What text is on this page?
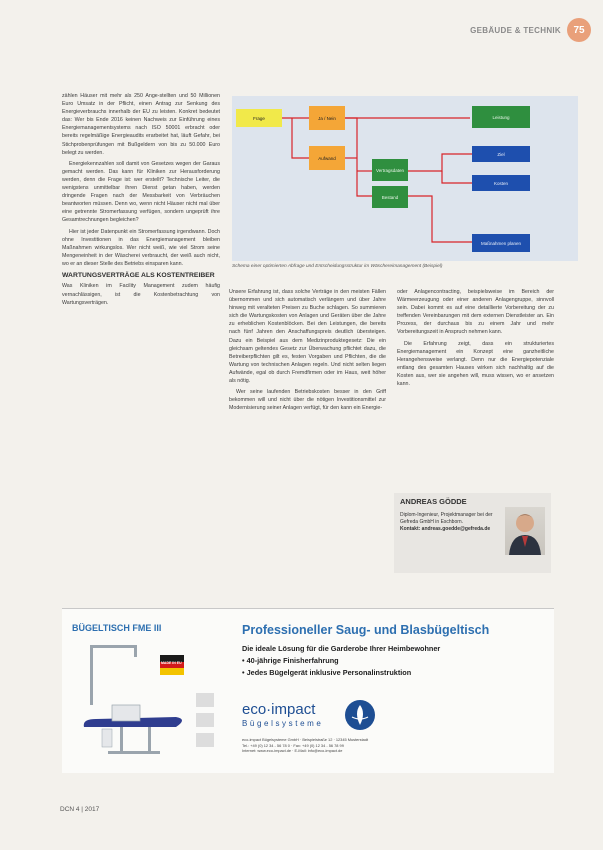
GEBÄUDE & TECHNIK	75

zählen Häuser mit mehr als 250 Ange-stellten und 50 Millionen Euro Umsatz in der Pflicht, einen Antrag zur Senkung des Energieverbrauchs innerhalb der EU zu leisten. Konkret bedeutet das: Wer bis Ende 2016 keinen Nachweis zur Einführung eines Energiemanagementsystems nach ISO 50001 erbracht oder bereits regelmäßige Energieaudits erarbeitet hat, läuft Gefahr, bei Stichprobenprüfungen mit Bußgeldern von bis zu 50.000 Euro belegt zu werden.

Energiekennzahlen soll damit von Gesetzes wegen der Garaus gemacht werden. Das kann für Kliniken zur Herausforderung werden, denn die Frage ist: wer erstellt? Technische Leiter, die wenigstens unmittelbar ihren Dienst getan haben, werden dringende Fragen nach der Messbarkeit von Verbräuchen beantworten müssen. Denn wo, wenn nicht Häuser nicht mal über eine getrennte Stromerfassung verfügen, sondern ungeprüft ihre Gesamtrechnungen begleichen?

Hier ist jeder Datenpunkt ein Stromerfassung irgendwann. Doch ohne Investitionen in das Energiemanagement bleiben Maßnahmen wirkungslos. Wer nicht weiß, wie viel Strom seine Mengeneinheit in der Wäscherei verbraucht, der weiß auch nicht, wo er an dieser Stelle des Betriebs einsparen kann.

WARTUNGSVERTRÄGE ALS KOSTENTREIBER

Was Kliniken im Facility Management zudem häufig vernachlässigen, ist die Kostenbetrachtung von Wartungsverträgen.

Frage	Ja / Nein
Aufwand
Vertragsdaten
Bestand
Leistung
Ziel
Kosten
Maßnahmen planen
Schema einer optimierten Abfrage und Entscheidungsstruktur im Wäschereimanagement (Beispiel)

Unsere Erfahrung ist, dass solche Verträge in den meisten Fällen übernommen und sich automatisch verlängern und über Jahre hinweg mit veralteten Preisen zu Buche schlagen. So summieren sich die Wartungskosten von Anlagen und Geräten über die Jahre zu erheblichen Kostenblöcken. Bei den Leistungen, die bereits nach fünf Jahren den Anschaffungspreis deutlich übersteigen. Dazu ein Beispiel aus dem Medizinproduktegesetz: Die ein gleichsam geltendes Gesetz zur Überwachung pflichtet dazu, die Betreiberpflichten gilt es, festen Vorgaben und Pflichten, die die Wartung von technischen Anlagen regeln. Und nicht selten liegen Aufwände, egal ob durch Fremdfirmen oder im Haus, weit höher als nötig.

Wer seine laufenden Betriebskosten besser in den Griff bekommen will und nicht über die nötigen Investitionsmittel zur Modernisierung seiner Anlagen verfügt, für den kann ein Energie-

oder Anlagencontracting, beispielsweise im Bereich der Wärmeerzeugung oder einer anderen Anlagengruppe, sinnvoll sein. Dabei kommt es auf eine detaillierte Vorbereitung der zu treffenden Vereinbarungen mit dem externen Dienstleister an. Ein Prozess, der durchaus bis zu einem Jahr und mehr Vorbereitungszeit in Anspruch nehmen kann.

Die Erfahrung zeigt, dass ein strukturiertes Energiemanagement ein Konzept eine ganzheitliche Herangehensweise verlangt. Denn nur die Energiepotenziale entlang des gesamten Hauses wirken sich nachhaltig auf die Kosten aus, wer sie angehen will, muss wissen, wo er ansetzen kann.

ANDREAS GÖDDE
Diplom-Ingenieur, Projektmanager bei der Gefreda GmbH in Eschborn.
Kontakt: andreas.goedde@gefreda.de
BÜGELTISCH FME III
MADE IN EU
Professioneller Saug- und Blasbügeltisch
Die ideale Lösung für die Garderobe Ihrer Heimbewohner
• 40-jährige Finisherfahrung
• Jedes Bügelgerät inklusive Personalinstruktion
eco·impact
Bügelsysteme
eco-impact Bügelsysteme GmbH · Beispielstraße 12 · 12345 Musterstadt
Tel.: +49 (0) 12 34 - 56 78 0 · Fax: +49 (0) 12 34 - 56 78 99
Internet: www.eco-impact.de · E-Mail: info@eco-impact.de
DCN 4 | 2017
